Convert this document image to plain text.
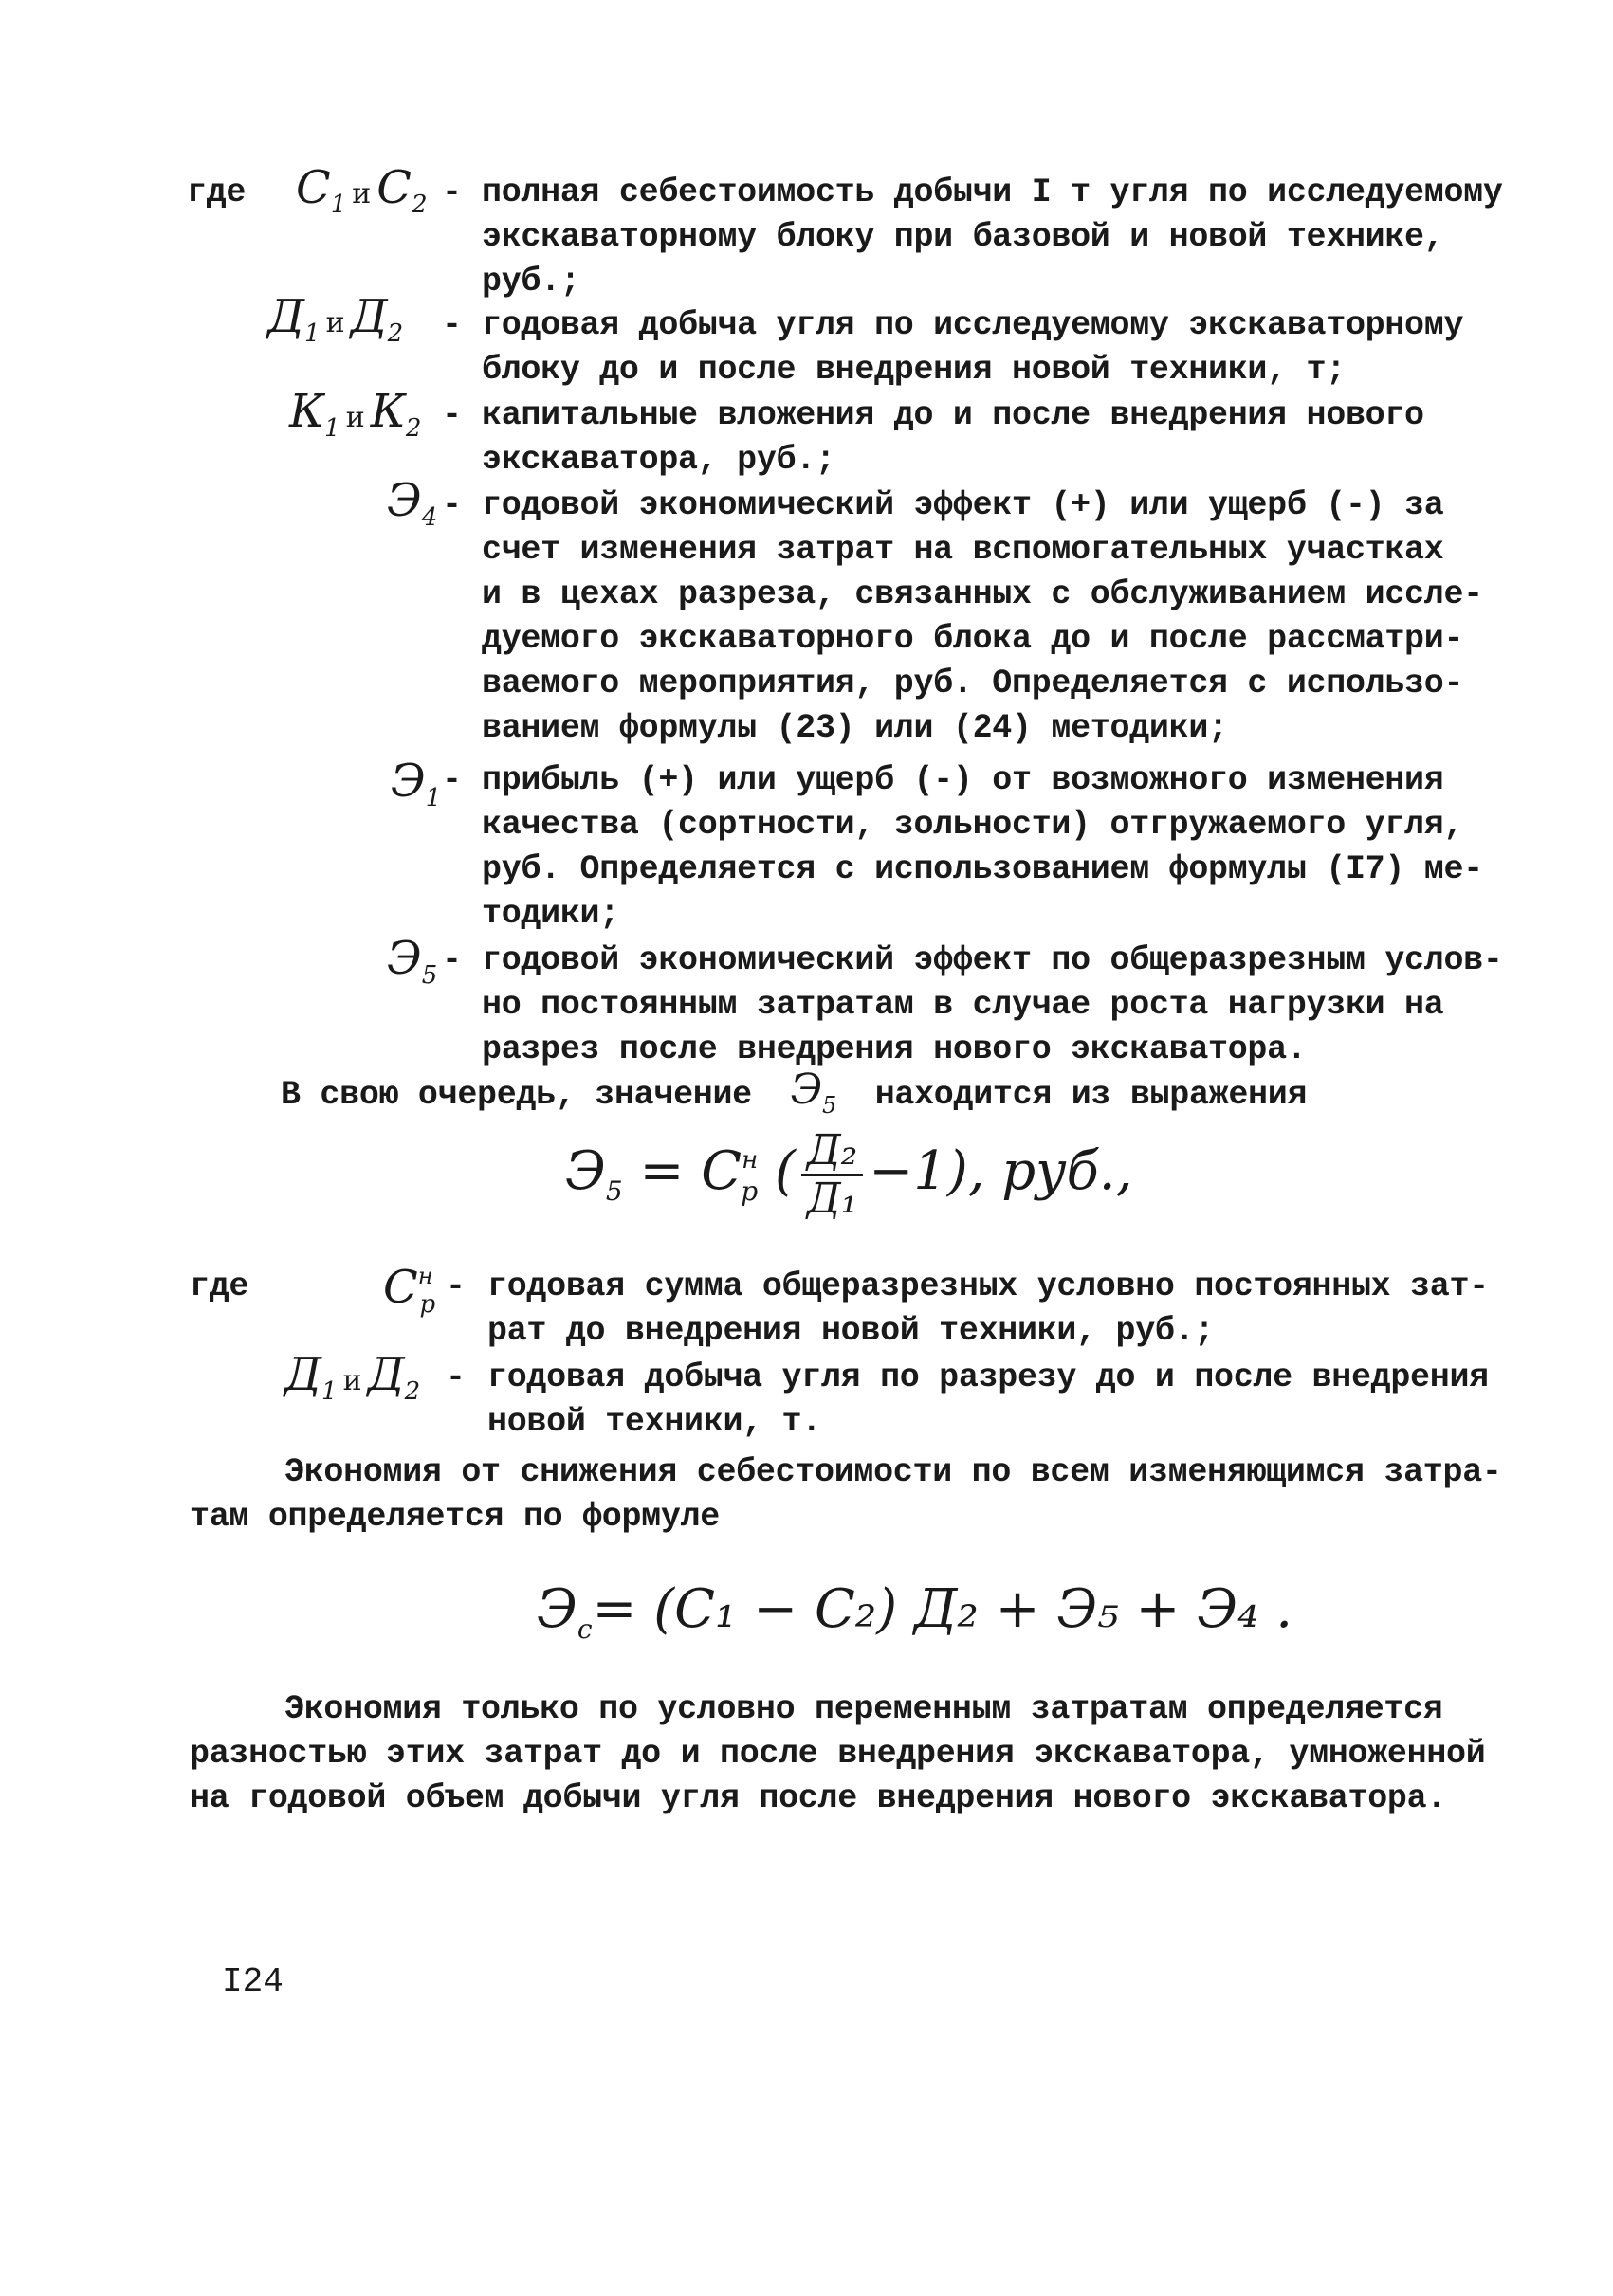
где $С_1$ и $С_2$ - полная себестоимость добычи I т угля по исследуемому
экскаваторному блоку при базовой и новой технике,
руб.;
$Д_1$ и $Д_2$ - годовая добыча угля по исследуемому экскаваторному
блоку до и после внедрения новой техники, т;
$К_1$ и $К_2$ - капитальные вложения до и после внедрения нового
экскаватора, руб.;
$Э_4$ - годовой экономический эффект (+) или ущерб (-) за
счет изменения затрат на вспомогательных участках
и в цехах разреза, связанных с обслуживанием иссле-
дуемого экскаваторного блока до и после рассматри-
ваемого мероприятия, руб. Определяется с использо-
ванием формулы (23) или (24) методики;
$Э_1$ - прибыль (+) или ущерб (-) от возможного изменения
качества (сортности, зольности) отгружаемого угля,
руб. Определяется с использованием формулы (I7) ме-
тодики;
$Э_5$ - годовой экономический эффект по общеразрезным услов-
но постоянным затратам в случае роста нагрузки на
разрез после внедрения нового экскаватора.
В свою очередь, значение $Э_5$ находится из выражения
$Э_5 = C^н_р$ ( $\frac{\text{Д₂}}{\text{Д₁}} -1$), руб.,
где	$С^н_р$ - годовая сумма общеразрезных условно постоянных зат-
рат до внедрения новой техники, руб.;
$Д_1$ и $Д_2$ - годовая добыча угля по разрезу до и после внедрения
новой техники, т.
Экономия от снижения себестоимости по всем изменяющимся затра-
там определяется по формуле
$Э_с= (C_1 - C_2) Д_2 + Э_5 + Э_4$ .
Экономия только по условно переменным затратам определяется
разностью этих затрат до и после внедрения экскаватора, умноженной
на годовой объем добычи угля после внедрения нового экскаватора.
I24
